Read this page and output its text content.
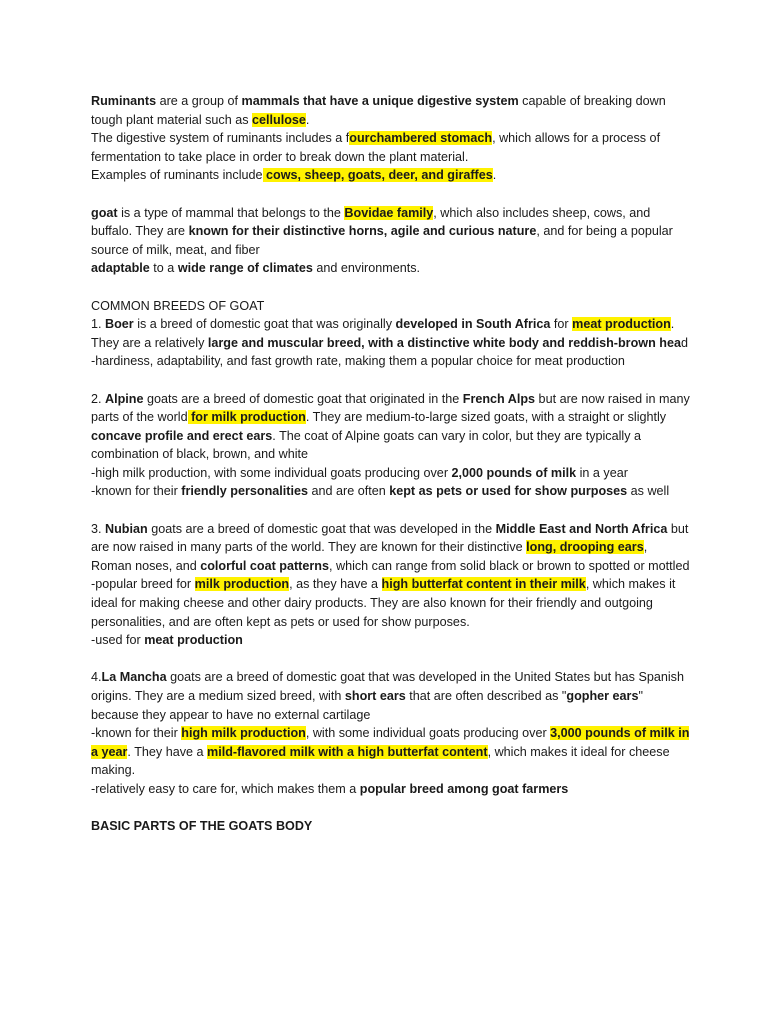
Ruminants are a group of mammals that have a unique digestive system capable of breaking down tough plant material such as cellulose.
The digestive system of ruminants includes a fourchambered stomach, which allows for a process of fermentation to take place in order to break down the plant material.
Examples of ruminants include cows, sheep, goats, deer, and giraffes.
goat is a type of mammal that belongs to the Bovidae family, which also includes sheep, cows, and buffalo. They are known for their distinctive horns, agile and curious nature, and for being a popular source of milk, meat, and fiber
adaptable to a wide range of climates and environments.
COMMON BREEDS OF GOAT
1. Boer is a breed of domestic goat that was originally developed in South Africa for meat production. They are a relatively large and muscular breed, with a distinctive white body and reddish-brown head
-hardiness, adaptability, and fast growth rate, making them a popular choice for meat production
2. Alpine goats are a breed of domestic goat that originated in the French Alps but are now raised in many parts of the world for milk production. They are medium-to-large sized goats, with a straight or slightly concave profile and erect ears. The coat of Alpine goats can vary in color, but they are typically a combination of black, brown, and white
-high milk production, with some individual goats producing over 2,000 pounds of milk in a year
-known for their friendly personalities and are often kept as pets or used for show purposes as well
3. Nubian goats are a breed of domestic goat that was developed in the Middle East and North Africa but are now raised in many parts of the world. They are known for their distinctive long, drooping ears, Roman noses, and colorful coat patterns, which can range from solid black or brown to spotted or mottled
-popular breed for milk production, as they have a high butterfat content in their milk, which makes it ideal for making cheese and other dairy products. They are also known for their friendly and outgoing personalities, and are often kept as pets or used for show purposes.
-used for meat production
4.La Mancha goats are a breed of domestic goat that was developed in the United States but has Spanish origins. They are a medium sized breed, with short ears that are often described as "gopher ears" because they appear to have no external cartilage
-known for their high milk production, with some individual goats producing over 3,000 pounds of milk in a year. They have a mild-flavored milk with a high butterfat content, which makes it ideal for cheese making.
-relatively easy to care for, which makes them a popular breed among goat farmers
BASIC PARTS OF THE GOATS BODY
